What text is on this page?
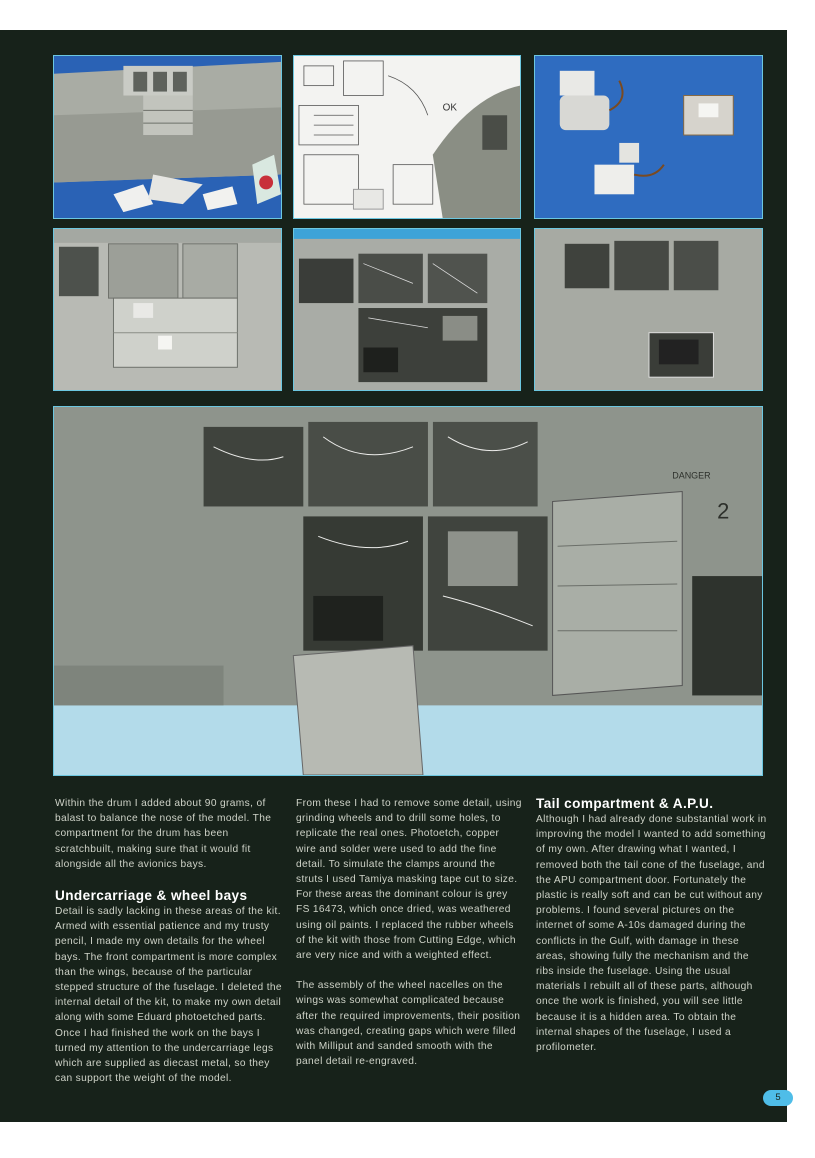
OK
DANGER
2

Within the drum I added about 90 grams, of balast to balance the nose of the model. The compartment for the drum has been scratchbuilt, making sure that it would fit alongside all the avionics bays.

Undercarriage & wheel bays

Detail is sadly lacking in these areas of the kit. Armed with essential patience and my trusty pencil, I made my own details for the wheel bays. The front compartment is more complex than the wings, because of the particular stepped structure of the fuselage. I deleted the internal detail of the kit, to make my own detail along with some Eduard photoetched parts. Once I had finished the work on the bays I turned my attention to the undercarriage legs which are supplied as diecast metal, so they can support the weight of the model.

From these I had to remove some detail, using grinding wheels and to drill some holes, to replicate the real ones. Photoetch, copper wire and solder were used to add the fine detail. To simulate the clamps around the struts I used Tamiya masking tape cut to size. For these areas the dominant colour is grey FS 16473, which once dried, was weathered using oil paints. I replaced the rubber wheels of the kit with those from Cutting Edge, which are very nice and with a weighted effect.

The assembly of the wheel nacelles on the wings was somewhat complicated because after the required improvements, their position was changed, creating gaps which were filled with Milliput and sanded smooth with the panel detail re-engraved.

Tail compartment & A.P.U.

Although I had already done substantial work in improving the model I wanted to add something of my own. After drawing what I wanted, I removed both the tail cone of the fuselage, and the APU compartment door. Fortunately the plastic is really soft and can be cut without any problems. I found several pictures on the internet of some A-10s damaged during the conflicts in the Gulf, with damage in these areas, showing fully the mechanism and the ribs inside the fuselage. Using the usual materials I rebuilt all of these parts, although once the work is finished, you will see little because it is a hidden area. To obtain the internal shapes of the fuselage, I used a profilometer.

5
